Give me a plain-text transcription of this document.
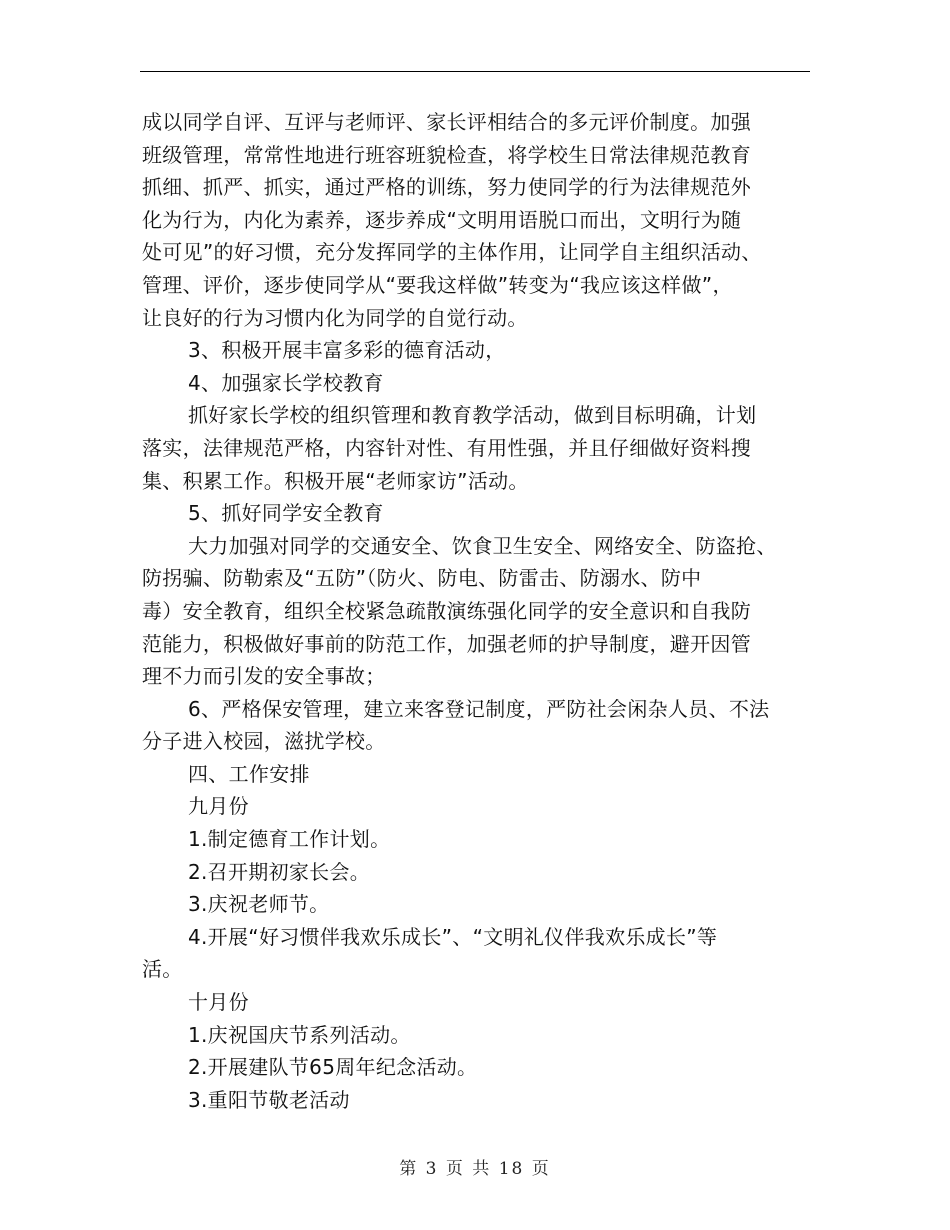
成以同学自评、互评与老师评、家长评相结合的多元评价制度。加强
班级管理，常常性地进行班容班貌检查，将学校生日常法律规范教育
抓细、抓严、抓实，通过严格的训练，努力使同学的行为法律规范外
化为行为，内化为素养，逐步养成“文明用语脱口而出，文明行为随
处可见”的好习惯，充分发挥同学的主体作用，让同学自主组织活动、
管理、评价，逐步使同学从“要我这样做”转变为“我应该这样做”，
让良好的行为习惯内化为同学的自觉行动。
3、积极开展丰富多彩的德育活动，
4、加强家长学校教育
抓好家长学校的组织管理和教育教学活动，做到目标明确，计划
落实，法律规范严格，内容针对性、有用性强，并且仔细做好资料搜
集、积累工作。积极开展“老师家访”活动。
5、抓好同学安全教育
大力加强对同学的交通安全、饮食卫生安全、网络安全、防盗抢、
防拐骗、防勒索及“五防”（防火、防电、防雷击、防溺水、防中
毒）安全教育，组织全校紧急疏散演练强化同学的安全意识和自我防
范能力，积极做好事前的防范工作，加强老师的护导制度，避开因管
理不力而引发的安全事故；
6、严格保安管理，建立来客登记制度，严防社会闲杂人员、不法
分子进入校园，滋扰学校。
四、工作安排
九月份
1.制定德育工作计划。
2.召开期初家长会。
3.庆祝老师节。
4.开展“好习惯伴我欢乐成长”、“文明礼仪伴我欢乐成长”等
活。
十月份
1.庆祝国庆节系列活动。
2.开展建队节65周年纪念活动。
3.重阳节敬老活动
第 3 页 共 18 页
